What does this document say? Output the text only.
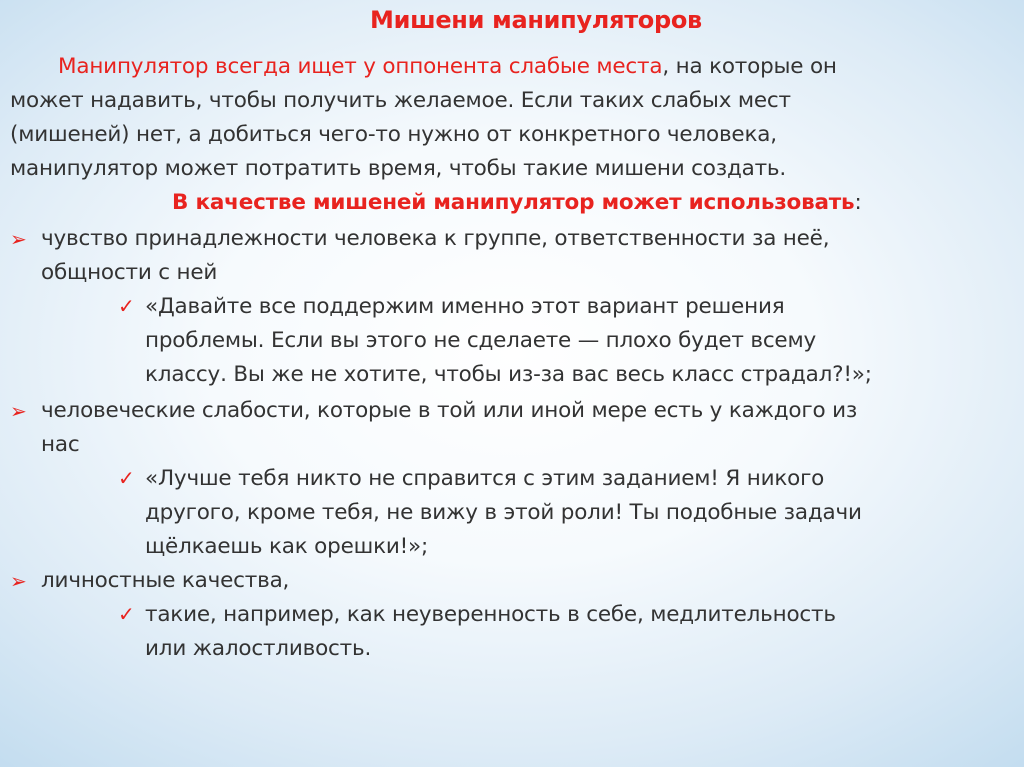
Мишени манипуляторов
Манипулятор всегда ищет у оппонента слабые места, на которые он
может надавить, чтобы получить желаемое. Если таких слабых мест
(мишеней) нет, а добиться чего-то нужно от конкретного человека,
манипулятор может потратить время, чтобы такие мишени создать.
В качестве мишеней манипулятор может использовать:
➢ чувство принадлежности человека к группе, ответственности за неё,
общности с ней
✓ «Давайте все поддержим именно этот вариант решения
проблемы. Если вы этого не сделаете — плохо будет всему
классу. Вы же не хотите, чтобы из-за вас весь класс страдал?!»;
➢ человеческие слабости, которые в той или иной мере есть у каждого из
нас
✓ «Лучше тебя никто не справится с этим заданием! Я никого
другого, кроме тебя, не вижу в этой роли! Ты подобные задачи
щёлкаешь как орешки!»;
➢ личностные качества,
✓ такие, например, как неуверенность в себе, медлительность
или жалостливость.
